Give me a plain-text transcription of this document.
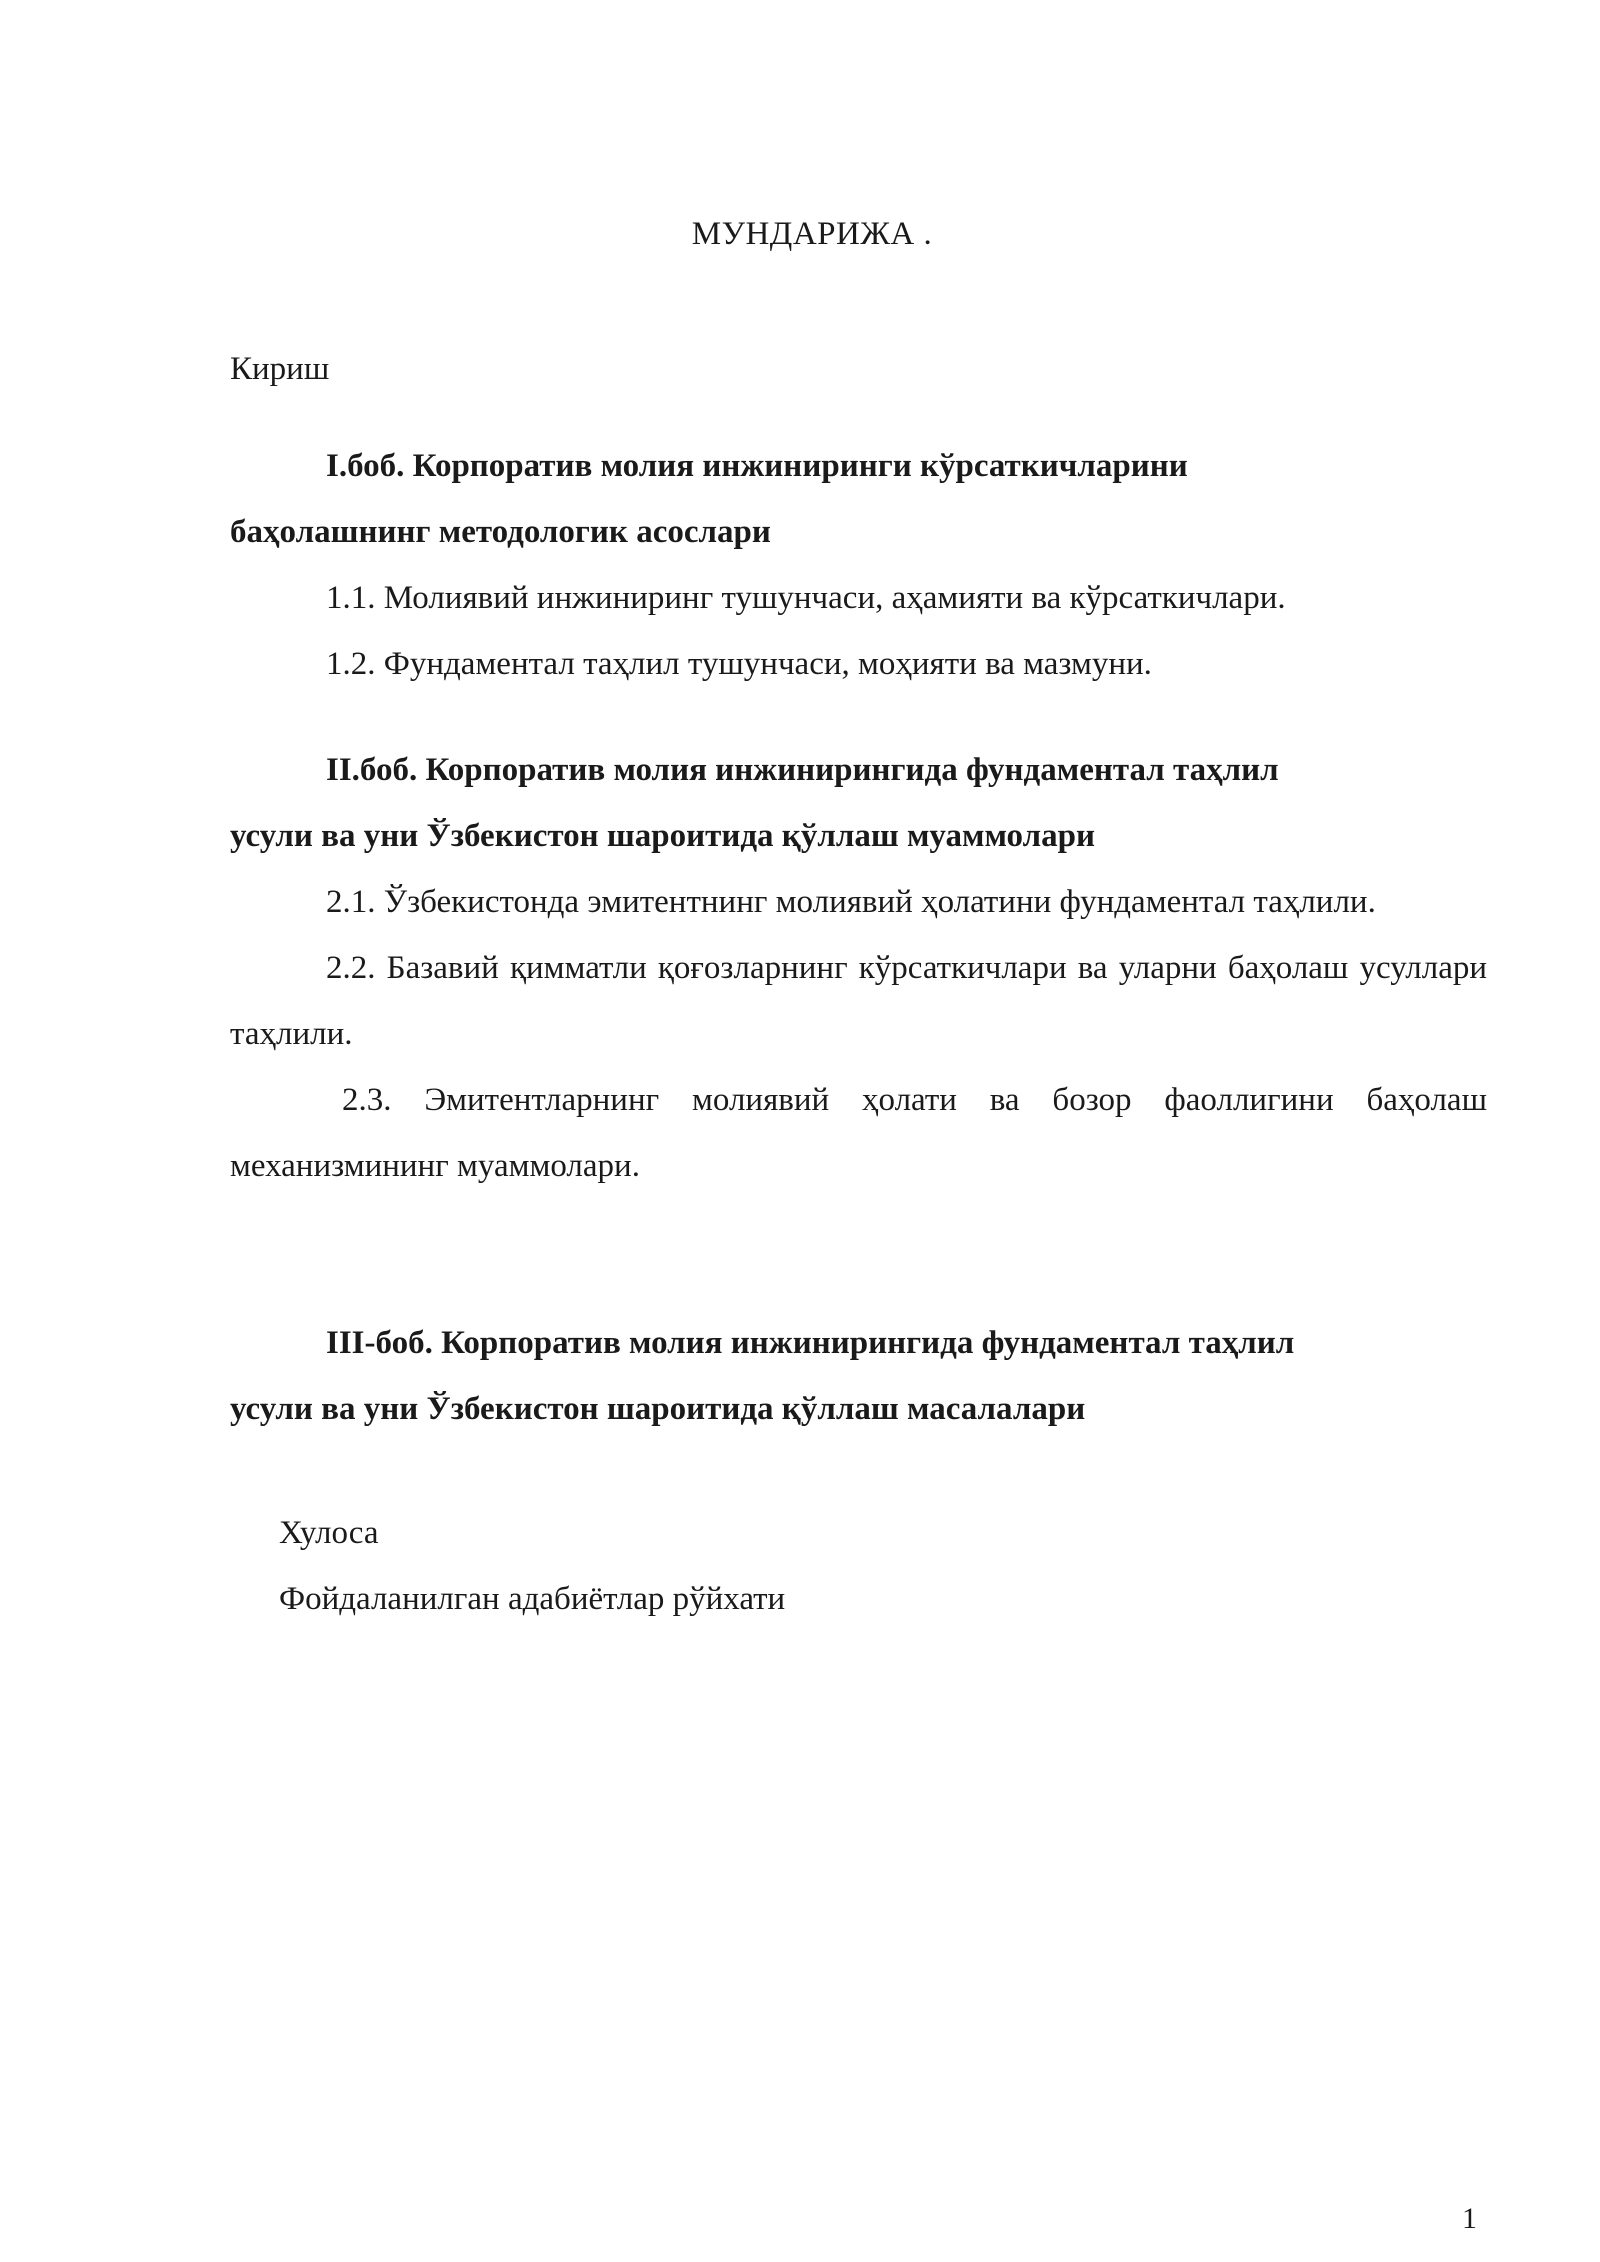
МУНДАРИЖА .

Кириш

I.боб. Корпоратив молия инжиниринги кўрсаткичларини

баҳолашнинг методологик асослари

1.1. Молиявий инжиниринг тушунчаси, аҳамияти ва кўрсаткичлари.

1.2. Фундаментал таҳлил тушунчаси, моҳияти ва мазмуни.

II.боб. Корпоратив молия инжинирингида фундаментал таҳлил

усули ва уни Ўзбекистон шароитида қўллаш муаммолари

2.1. Ўзбекистонда эмитентнинг молиявий ҳолатини фундаментал таҳлили.

2.2. Базавий қимматли қоғозларнинг кўрсаткичлари ва уларни баҳолаш усуллари таҳлили.

2.3. Эмитентларнинг молиявий ҳолати ва бозор фаоллигини баҳолаш механизмининг муаммолари.

III-боб. Корпоратив молия инжинирингида фундаментал таҳлил

усули ва уни Ўзбекистон шароитида қўллаш масалалари

Хулоса

Фойдаланилган адабиётлар рўйхати

1
